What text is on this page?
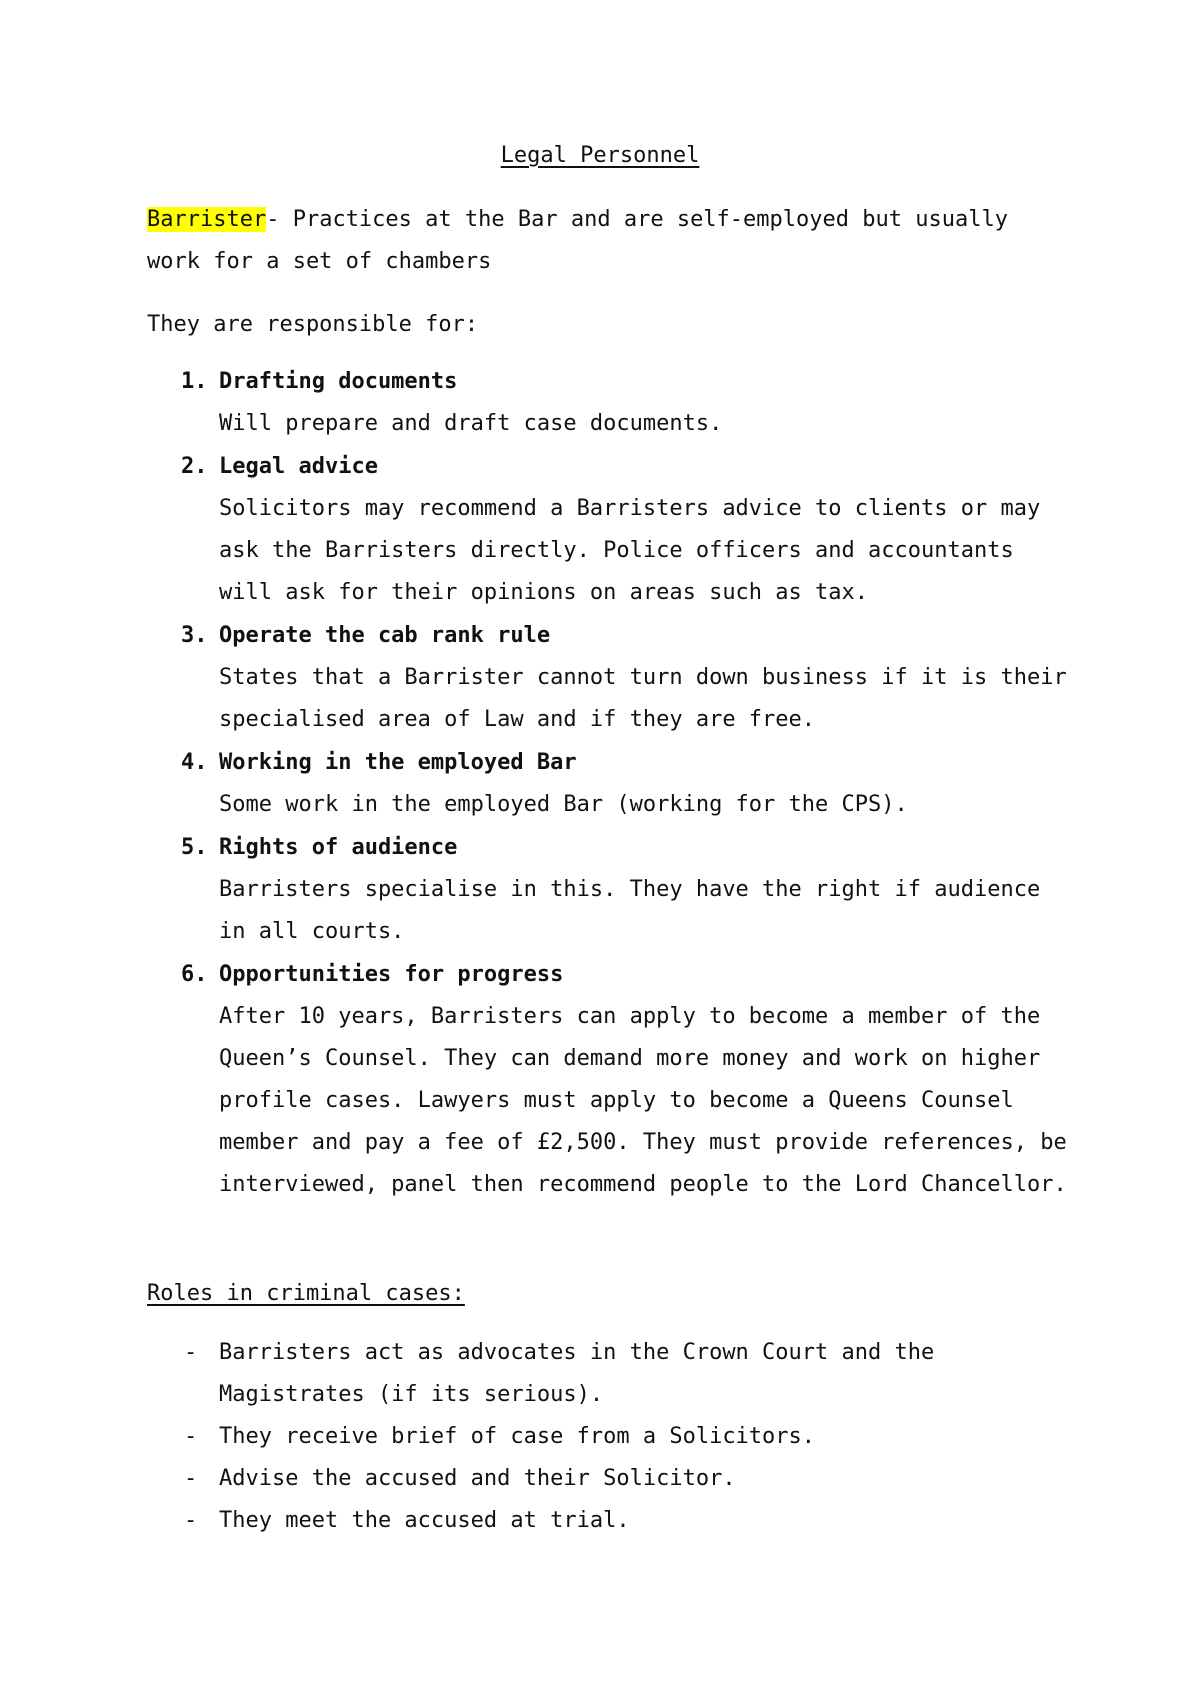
Legal Personnel
Barrister- Practices at the Bar and are self-employed but usually work for a set of chambers
They are responsible for:
1. Drafting documents
Will prepare and draft case documents.
2. Legal advice
Solicitors may recommend a Barristers advice to clients or may ask the Barristers directly. Police officers and accountants will ask for their opinions on areas such as tax.
3. Operate the cab rank rule
States that a Barrister cannot turn down business if it is their specialised area of Law and if they are free.
4. Working in the employed Bar
Some work in the employed Bar (working for the CPS).
5. Rights of audience
Barristers specialise in this. They have the right if audience in all courts.
6. Opportunities for progress
After 10 years, Barristers can apply to become a member of the Queen’s Counsel. They can demand more money and work on higher profile cases. Lawyers must apply to become a Queens Counsel member and pay a fee of £2,500. They must provide references, be interviewed, panel then recommend people to the Lord Chancellor.
Roles in criminal cases:
- Barristers act as advocates in the Crown Court and the Magistrates (if its serious).
- They receive brief of case from a Solicitors.
- Advise the accused and their Solicitor.
- They meet the accused at trial.
